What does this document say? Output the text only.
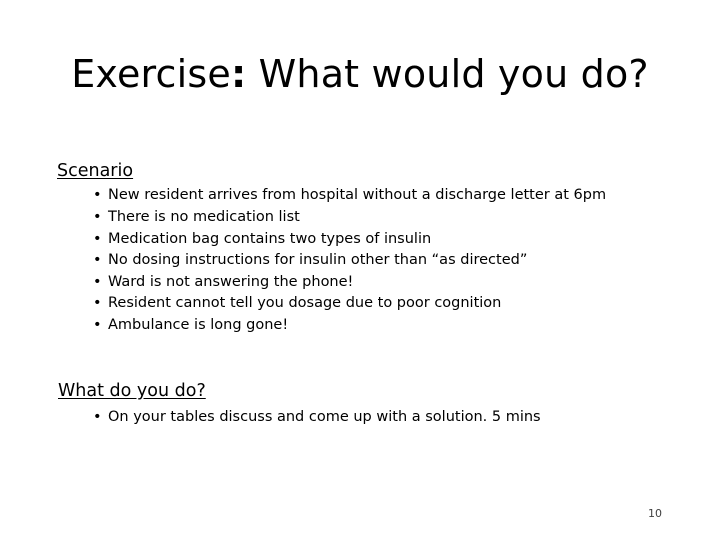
Exercise: What would you do?
Scenario
• New resident arrives from hospital without a discharge letter at 6pm
• There is no medication list
• Medication bag contains two types of insulin
• No dosing instructions for insulin other than “as directed”
• Ward is not answering the phone!
• Resident cannot tell you dosage due to poor cognition
• Ambulance is long gone!
What do you do?
• On your tables discuss and come up with a solution. 5 mins
10
